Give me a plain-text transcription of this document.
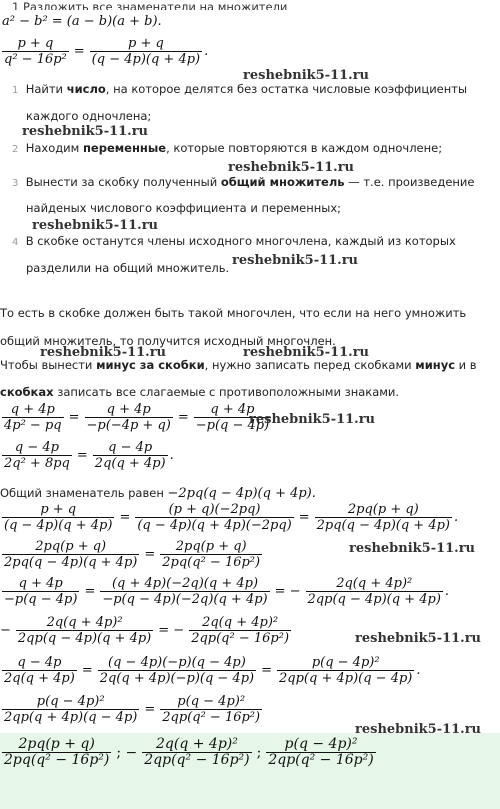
1 Разложить все знаменатели на множители
a² − b² = (a − b)(a + b).
$\frac{p + q}{\text{q² − 16p²}} = \frac{p + q}{(q - 4p)(q + 4p)}$ .
reshebnik5-11.ru
1 Найти число, на которое делятся без остатка числовые коэффициенты
каждого одночлена;
reshebnik5-11.ru
2 Находим переменные, которые повторяются в каждом одночлене;
reshebnik5-11.ru
3 Вынести за скобку полученный общий множитель — т.е. произведение
найденых числового коэффициента и переменных;
reshebnik5-11.ru
4 В скобке останутся члены исходного многочлена, каждый из которых
разделили на общий множитель. reshebnik5-11.ru
То есть в скобке должен быть такой многочлен, что если на него умножить
общий множитель, то получится исходный многочлен.
reshebnik5-11.ru	reshebnik5-11.ru
Чтобы вынести минус за скобки, нужно записать перед скобками минус и в
скобках записать все слагаемые с противоположными знаками.
$\frac{q + 4p}{\text{4p² − pq}} = \frac{q + 4p}{-p(-4p + q)} = \frac{q + 4p}{-p(q - 4p)}$
reshebnik5-11.ru
$\frac{q - 4p}{\text{2q² + 8pq}} = \frac{q - 4p}{2q(q + 4p)}$ .
Общий знаменатель равен −2pq(q − 4p)(q + 4p).
$\frac{p + q}{(q - 4p)(q + 4p)} = \frac{(p + q)(-2pq)}{(q - 4p)(q + 4p)(-2pq)} = \frac{2pq(p + q)}{2pq(q - 4p)(q + 4p)}$ .
$\frac{2pq(p + q)}{2pq(q - 4p)(q + 4p)} = \frac{2pq(p + q)}{\text{2pq(q² − 16p²)}}$	reshebnik5-11.ru
$\frac{q + 4p}{-p(q - 4p)} = \frac{(q + 4p)(-2q)(q + 4p)}{-p(q - 4p)(-2q)(q + 4p)}$ = − $\frac{\text{2q(q + 4p)²}}{2qp(q - 4p)(q + 4p)}$ .
− $\frac{\text{2q(q + 4p)²}}{2qp(q - 4p)(q + 4p)}$ = − $\frac{\text{2q(q + 4p)²}}{\text{2qp(q² − 16p²)}}$	reshebnik5-11.ru
$\frac{q - 4p}{2q(q + 4p)} = \frac{(q - 4p)(-p)(q - 4p)}{2q(q + 4p)(-p)(q - 4p)} = \frac{\text{p(q − 4p)²}}{2qp(q + 4p)(q - 4p)}$ .
$\frac{\text{p(q − 4p)²}}{2qp(q + 4p)(q - 4p)} = \frac{\text{p(q − 4p)²}}{\text{2qp(q² − 16p²)}}$
reshebnik5-11.ru
$\frac{2pq(p + q)}{\text{2pq(q² − 16p²)}}$ ; − $\frac{\text{2q(q + 4p)²}}{\text{2qp(q² − 16p²)}}$ ; $\frac{\text{p(q − 4p)²}}{\text{2qp(q² − 16p²)}}$
